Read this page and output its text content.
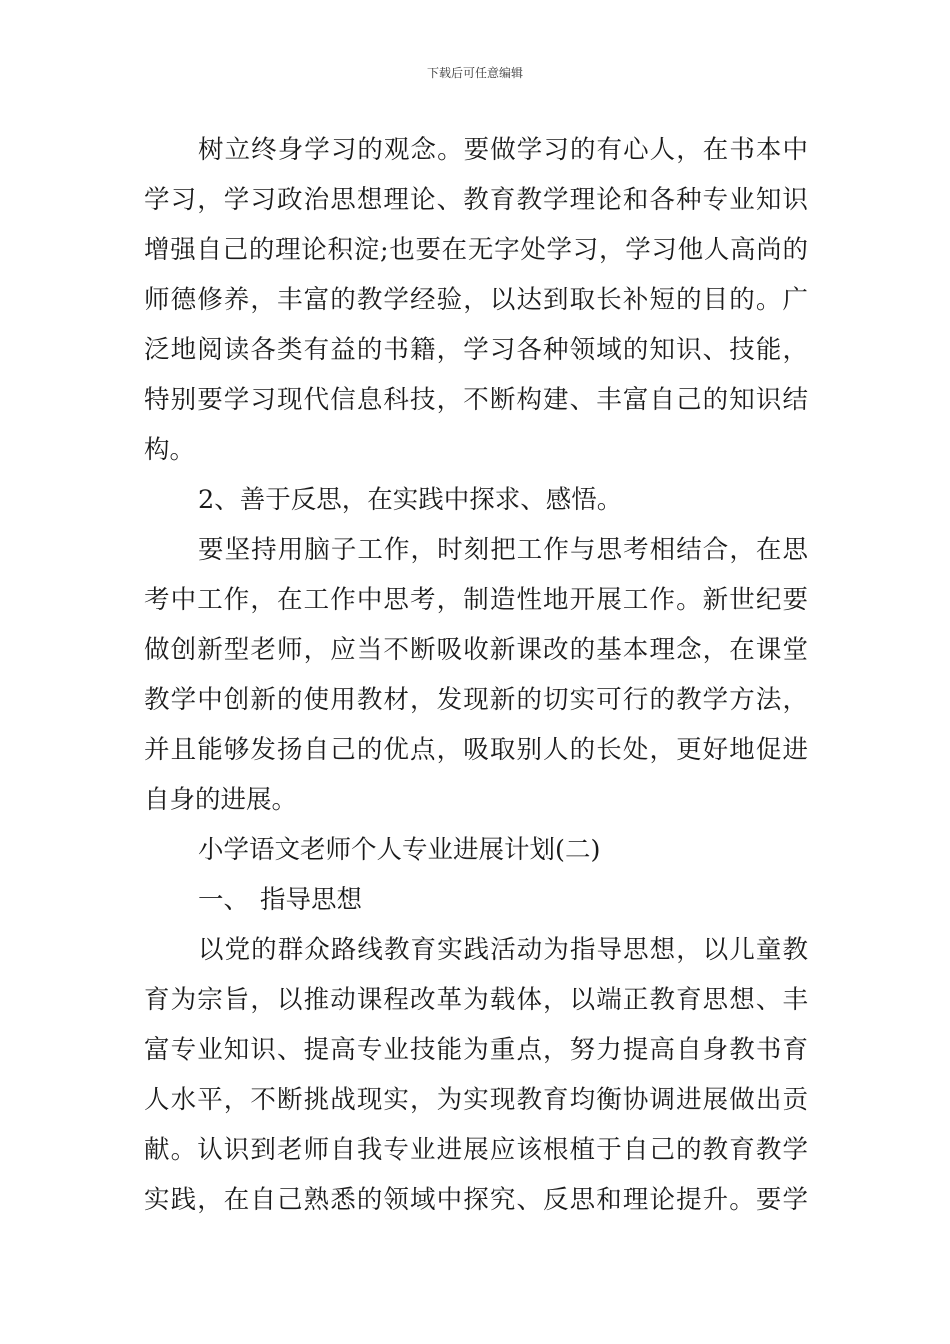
下载后可任意编辑
树立终身学习的观念。要做学习的有心人，在书本中
学习，学习政治思想理论、教育教学理论和各种专业知识
增强自己的理论积淀;也要在无字处学习，学习他人高尚的
师德修养，丰富的教学经验，以达到取长补短的目的。广
泛地阅读各类有益的书籍，学习各种领域的知识、技能，
特别要学习现代信息科技，不断构建、丰富自己的知识结
构。
2、善于反思，在实践中探求、感悟。
要坚持用脑子工作，时刻把工作与思考相结合，在思
考中工作，在工作中思考，制造性地开展工作。新世纪要
做创新型老师，应当不断吸收新课改的基本理念，在课堂
教学中创新的使用教材，发现新的切实可行的教学方法，
并且能够发扬自己的优点，吸取别人的长处，更好地促进
自身的进展。
小学语文老师个人专业进展计划(二)
一、 指导思想
以党的群众路线教育实践活动为指导思想，以儿童教
育为宗旨，以推动课程改革为载体，以端正教育思想、丰
富专业知识、提高专业技能为重点，努力提高自身教书育
人水平，不断挑战现实，为实现教育均衡协调进展做出贡
献。认识到老师自我专业进展应该根植于自己的教育教学
实践，在自己熟悉的领域中探究、反思和理论提升。要学
